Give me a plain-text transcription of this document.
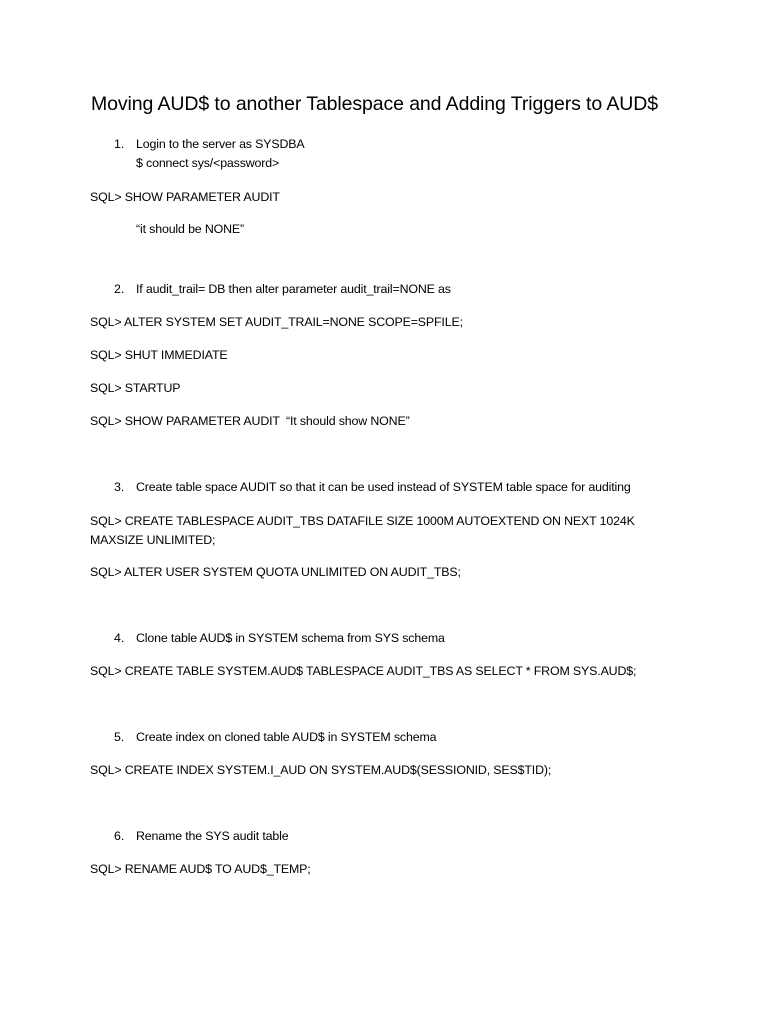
Moving AUD$ to another Tablespace and Adding Triggers to AUD$
1. Login to the server as SYSDBA
$ connect sys/<password>
SQL> SHOW PARAMETER AUDIT
“it should be NONE”
2. If audit_trail= DB then alter parameter audit_trail=NONE as
SQL> ALTER SYSTEM SET AUDIT_TRAIL=NONE SCOPE=SPFILE;
SQL> SHUT IMMEDIATE
SQL> STARTUP
SQL> SHOW PARAMETER AUDIT “It should show NONE”
3. Create table space AUDIT so that it can be used instead of SYSTEM table space for auditing
SQL> CREATE TABLESPACE AUDIT_TBS DATAFILE SIZE 1000M AUTOEXTEND ON NEXT 1024K MAXSIZE UNLIMITED;
SQL> ALTER USER SYSTEM QUOTA UNLIMITED ON AUDIT_TBS;
4. Clone table AUD$ in SYSTEM schema from SYS schema
SQL> CREATE TABLE SYSTEM.AUD$ TABLESPACE AUDIT_TBS AS SELECT * FROM SYS.AUD$;
5. Create index on cloned table AUD$ in SYSTEM schema
SQL> CREATE INDEX SYSTEM.I_AUD ON SYSTEM.AUD$(SESSIONID, SES$TID);
6. Rename the SYS audit table
SQL> RENAME AUD$ TO AUD$_TEMP;
